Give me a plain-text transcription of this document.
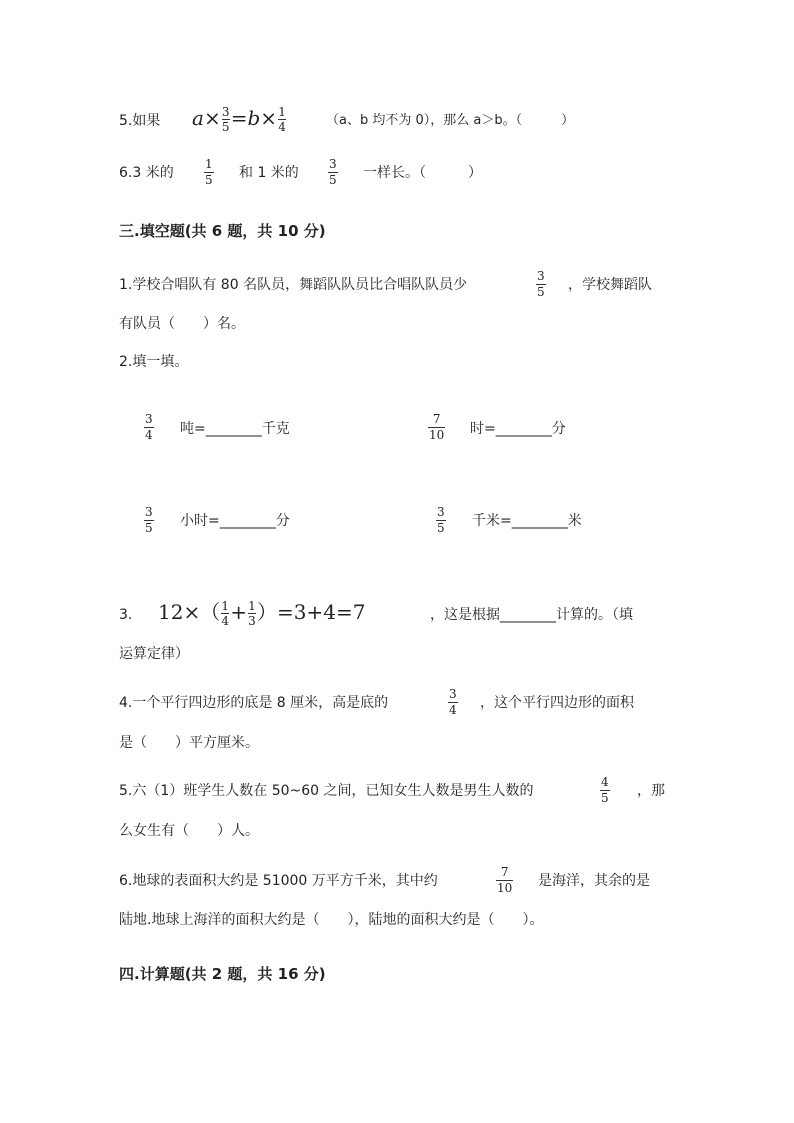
5.如果 $a\times \frac{3}{5} =b\times \frac{1}{4}$	（a、b 均不为 0），那么 a＞b。（　　　）
6.3 米的
1
5 和 1 米的
3
5 一样长。（　　　）
三.填空题(共 6 题，共 10 分)
1.学校合唱队有 80 名队员，舞蹈队队员比合唱队队员少
3
5 ，学校舞蹈队
有队员（　　）名。
2.填一填。
3
4 吨=________千克
7
10 时=________分
3
5 小时=________分
3
5 千米=________米
3. $12\times( \frac{1}{4} + \frac{1}{3} )=3+4=7$	，这是根据________计算的。（填
运算定律）
4.一个平行四边形的底是 8 厘米，高是底的
3
4 ，这个平行四边形的面积
是（　　）平方厘米。
5.六（1）班学生人数在 50~60 之间，已知女生人数是男生人数的
4
5 ，那
么女生有（　　）人。
6.地球的表面积大约是 51000 万平方千米，其中约
7
10 是海洋，其余的是
陆地.地球上海洋的面积大约是（　　），陆地的面积大约是（　　）。
四.计算题(共 2 题，共 16 分)
